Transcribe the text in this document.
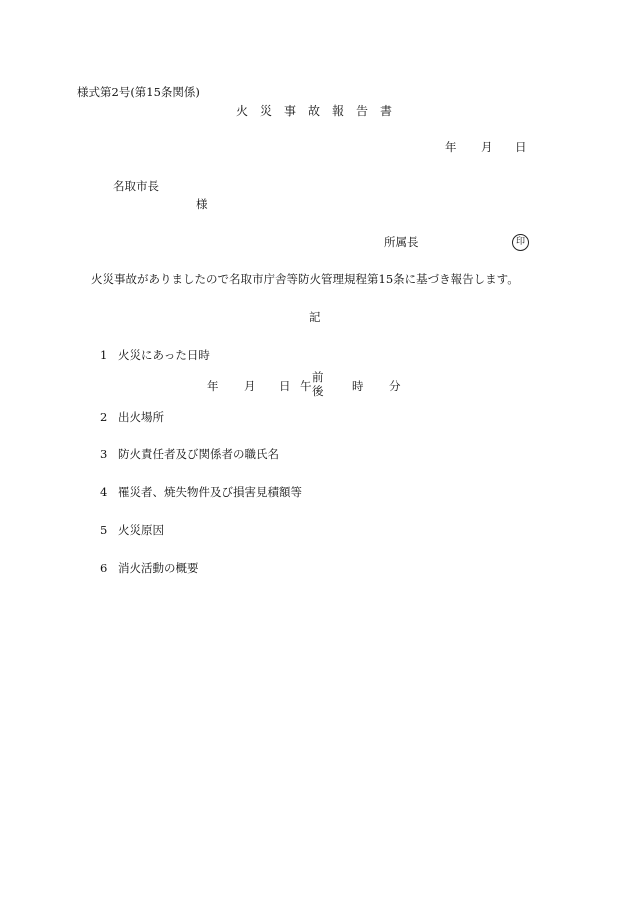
様式第2号(第15条関係)
火　災　事　故　報　告　書
年 月 日
名取市長
様
所属長	印
火災事故がありましたので名取市庁舎等防火管理規程第15条に基づき報告します。
記
1 火災にあった日時
年 月 日 午
前
後 時 分
2 出火場所
3 防火責任者及び関係者の職氏名
4 罹災者、焼失物件及び損害見積額等
5 火災原因
6 消火活動の概要
